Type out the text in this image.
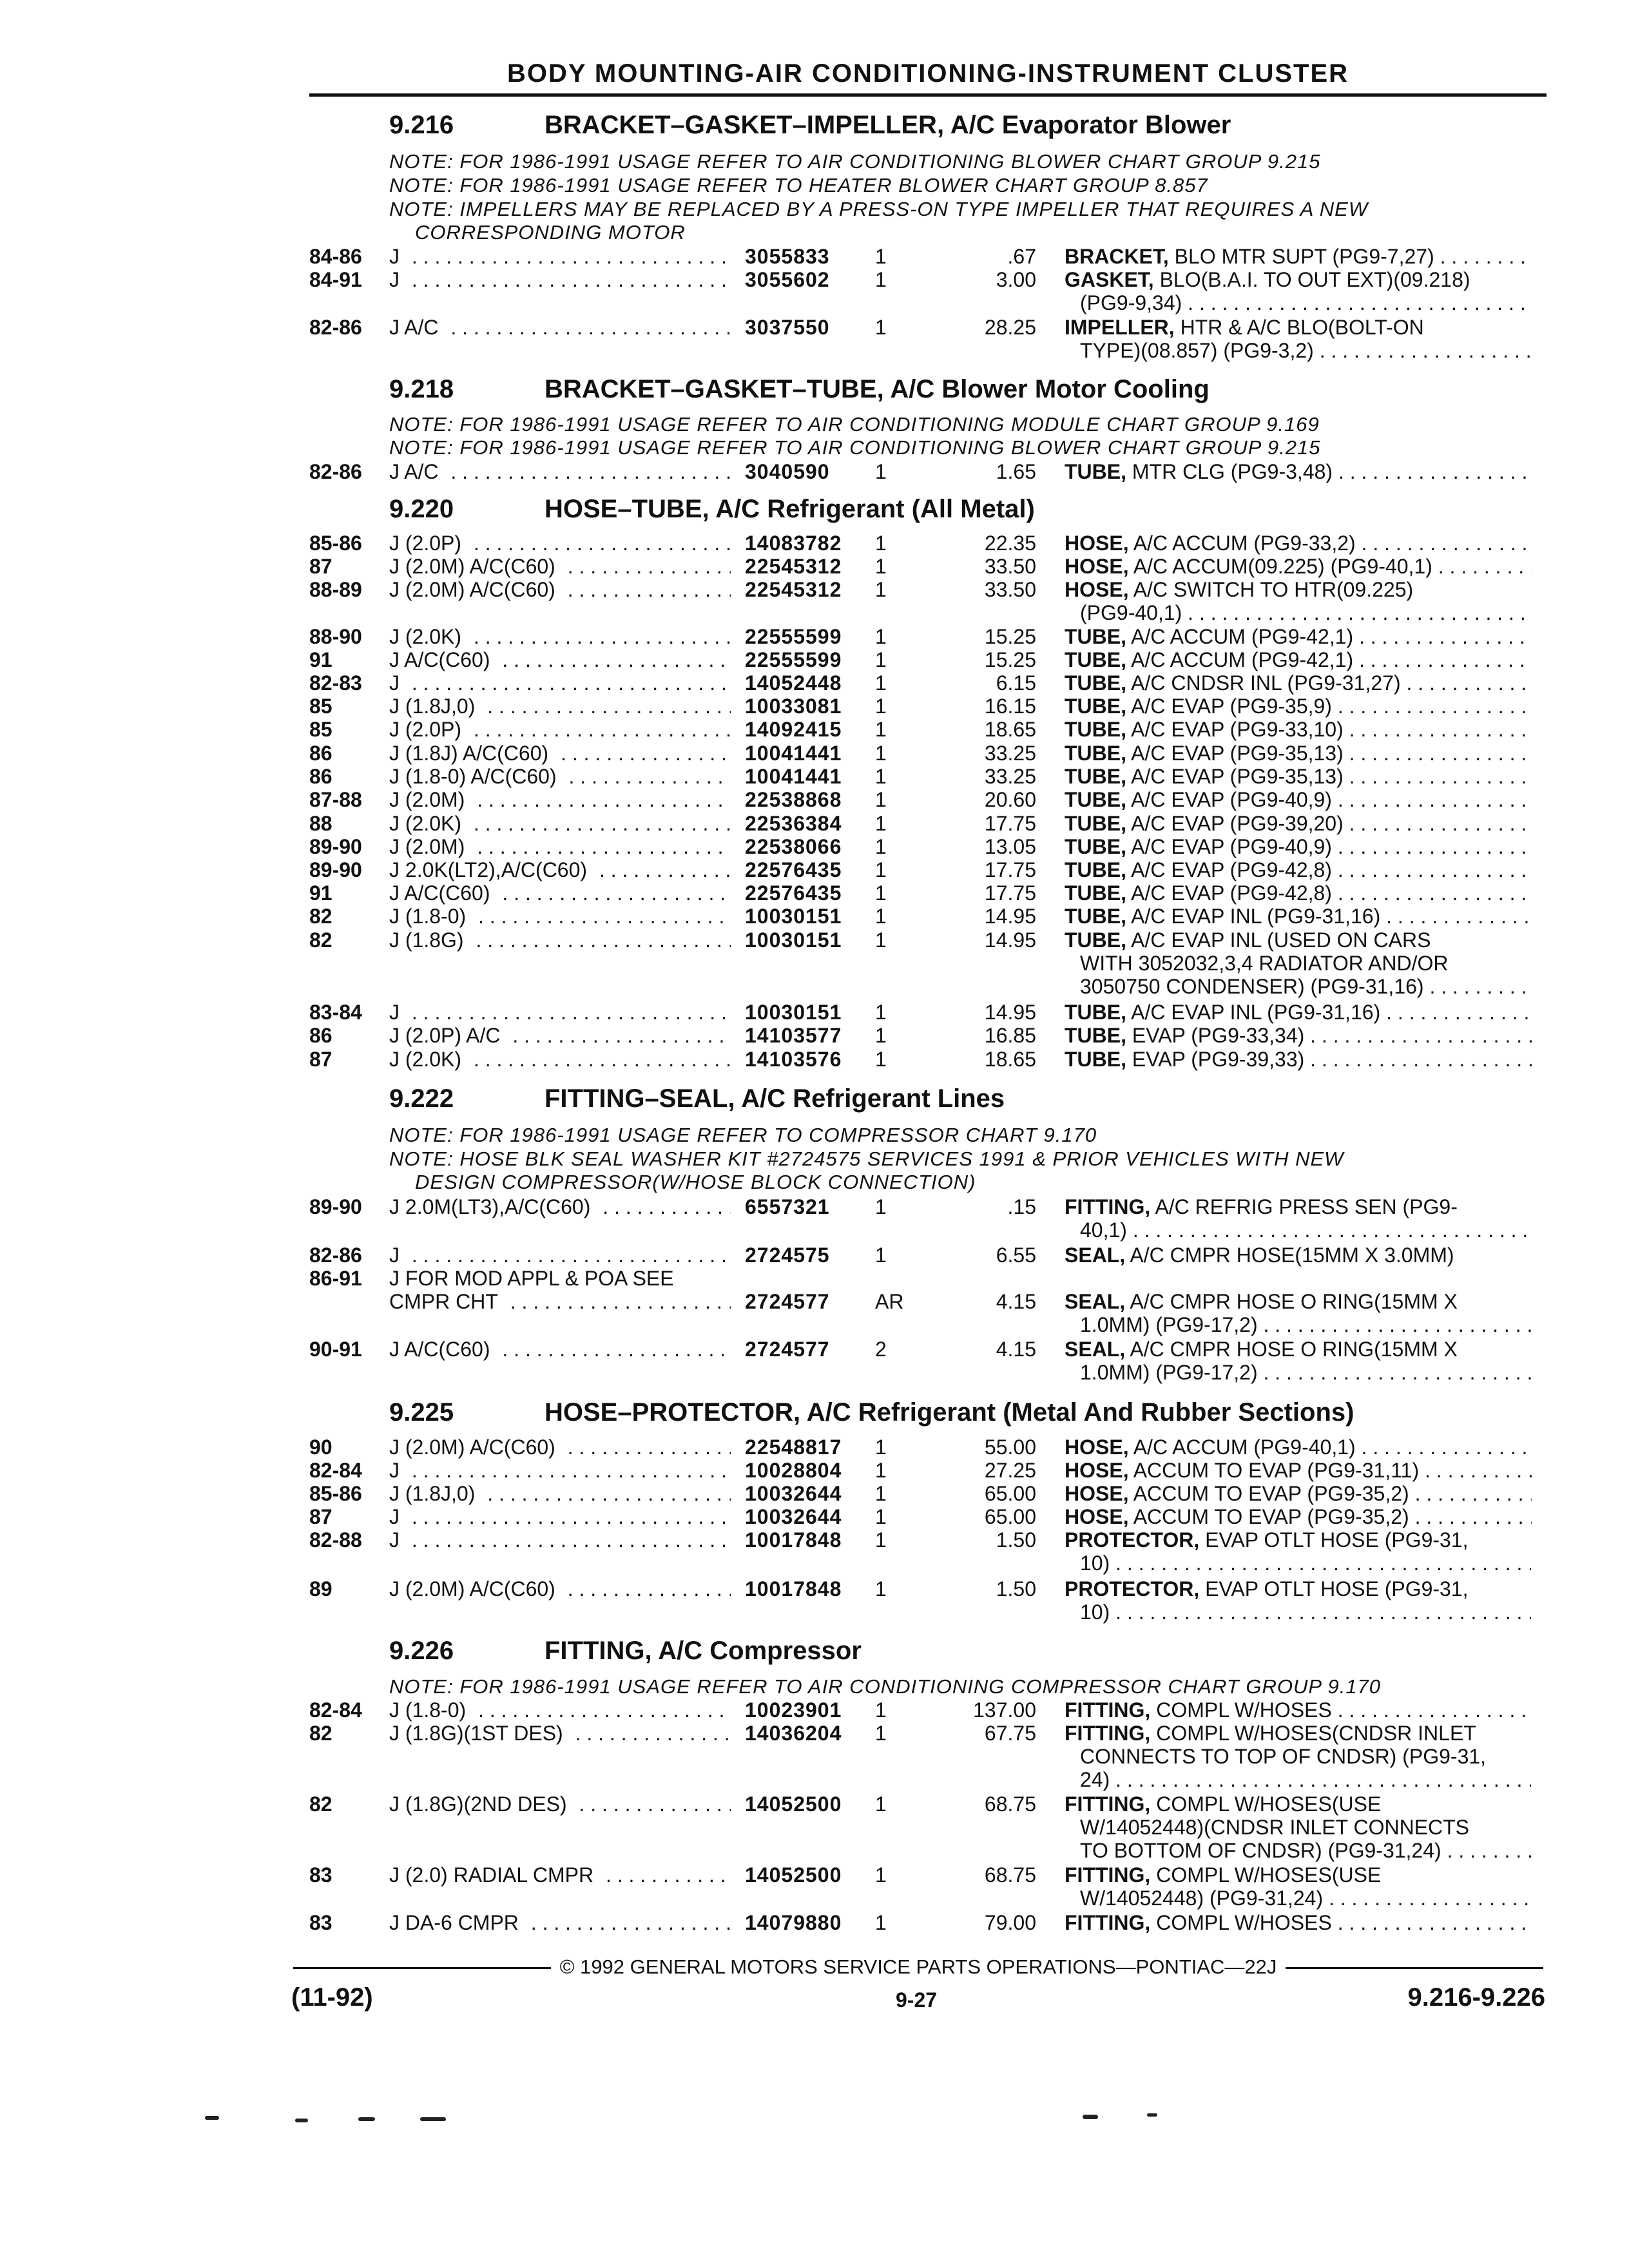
BODY MOUNTING-AIR CONDITIONING-INSTRUMENT CLUSTER
9.216	BRACKET–GASKET–IMPELLER, A/C Evaporator Blower
NOTE: FOR 1986-1991 USAGE REFER TO AIR CONDITIONING BLOWER CHART GROUP 9.215
NOTE: FOR 1986-1991 USAGE REFER TO HEATER BLOWER CHART GROUP 8.857
NOTE: IMPELLERS MAY BE REPLACED BY A PRESS-ON TYPE IMPELLER THAT REQUIRES A NEW
CORRESPONDING MOTOR
84-86 J . . .	3055833 1	.67 BRACKET, BLO MTR SUPT (PG9-7,27) . . .
84-91 J . . .	3055602 1	3.00 GASKET, BLO(B.A.I. TO OUT EXT)(09.218)
(PG9-9,34) . . .
82-86 J A/C . . .	3037550 1	28.25 IMPELLER, HTR & A/C BLO(BOLT-ON
TYPE)(08.857) (PG9-3,2) . . .
9.218	BRACKET–GASKET–TUBE, A/C Blower Motor Cooling
NOTE: FOR 1986-1991 USAGE REFER TO AIR CONDITIONING MODULE CHART GROUP 9.169
NOTE: FOR 1986-1991 USAGE REFER TO AIR CONDITIONING BLOWER CHART GROUP 9.215
82-86 J A/C . . .	3040590 1	1.65 TUBE, MTR CLG (PG9-3,48) . . .
9.220	HOSE–TUBE, A/C Refrigerant (All Metal)
85-86 J (2.0P) . . .	14083782 1	22.35 HOSE, A/C ACCUM (PG9-33,2) . . .
87	J (2.0M) A/C(C60) . . .	22545312 1	33.50 HOSE, A/C ACCUM(09.225) (PG9-40,1) . . .
88-89 J (2.0M) A/C(C60) . . .	22545312 1	33.50 HOSE, A/C SWITCH TO HTR(09.225)
(PG9-40,1) . . .
88-90 J (2.0K) . . .	22555599 1	15.25 TUBE, A/C ACCUM (PG9-42,1) . . .
91	J A/C(C60) . . .	22555599 1	15.25 TUBE, A/C ACCUM (PG9-42,1) . . .
82-83 J . . .	14052448 1	6.15 TUBE, A/C CNDSR INL (PG9-31,27) . . .
85	J (1.8J,0) . . .	10033081 1	16.15 TUBE, A/C EVAP (PG9-35,9) . . .
85	J (2.0P) . . .	14092415 1	18.65 TUBE, A/C EVAP (PG9-33,10) . . .
86	J (1.8J) A/C(C60) . . .	10041441 1	33.25 TUBE, A/C EVAP (PG9-35,13) . . .
86	J (1.8-0) A/C(C60) . . .	10041441 1	33.25 TUBE, A/C EVAP (PG9-35,13) . . .
87-88 J (2.0M) . . .	22538868 1	20.60 TUBE, A/C EVAP (PG9-40,9) . . .
88	J (2.0K) . . .	22536384 1	17.75 TUBE, A/C EVAP (PG9-39,20) . . .
89-90 J (2.0M) . . .	22538066 1	13.05 TUBE, A/C EVAP (PG9-40,9) . . .
89-90 J 2.0K(LT2),A/C(C60) . . .	22576435 1	17.75 TUBE, A/C EVAP (PG9-42,8) . . .
91	J A/C(C60) . . .	22576435 1	17.75 TUBE, A/C EVAP (PG9-42,8) . . .
82	J (1.8-0) . . .	10030151 1	14.95 TUBE, A/C EVAP INL (PG9-31,16) . . .
82	J (1.8G) . . .	10030151 1	14.95 TUBE, A/C EVAP INL (USED ON CARS
WITH 3052032,3,4 RADIATOR AND/OR
3050750 CONDENSER) (PG9-31,16) . . .
83-84 J . . .	10030151 1	14.95 TUBE, A/C EVAP INL (PG9-31,16) . . .
86	J (2.0P) A/C . . .	14103577 1	16.85 TUBE, EVAP (PG9-33,34) . . .
87	J (2.0K) . . .	14103576 1	18.65 TUBE, EVAP (PG9-39,33) . . .
9.222	FITTING–SEAL, A/C Refrigerant Lines
NOTE: FOR 1986-1991 USAGE REFER TO COMPRESSOR CHART 9.170
NOTE: HOSE BLK SEAL WASHER KIT #2724575 SERVICES 1991 & PRIOR VEHICLES WITH NEW
DESIGN COMPRESSOR(W/HOSE BLOCK CONNECTION)
89-90 J 2.0M(LT3),A/C(C60) . . .	6557321 1	.15 FITTING, A/C REFRIG PRESS SEN (PG9-
40,1) . . .
82-86 J . . .	2724575 1	6.55 SEAL, A/C CMPR HOSE(15MM X 3.0MM)
86-91 J FOR MOD APPL & POA SEE
CMPR CHT . . .	2724577 AR	4.15 SEAL, A/C CMPR HOSE O RING(15MM X
1.0MM) (PG9-17,2) . . .
90-91 J A/C(C60) . . .	2724577 2	4.15 SEAL, A/C CMPR HOSE O RING(15MM X
1.0MM) (PG9-17,2) . . .
9.225	HOSE–PROTECTOR, A/C Refrigerant (Metal And Rubber Sections)
90	J (2.0M) A/C(C60) . . .	22548817 1	55.00 HOSE, A/C ACCUM (PG9-40,1) . . .
82-84 J . . .	10028804 1	27.25 HOSE, ACCUM TO EVAP (PG9-31,11) . . .
85-86 J (1.8J,0) . . .	10032644 1	65.00 HOSE, ACCUM TO EVAP (PG9-35,2) . . .
87	J . . .	10032644 1	65.00 HOSE, ACCUM TO EVAP (PG9-35,2) . . .
82-88 J . . .	10017848 1	1.50 PROTECTOR, EVAP OTLT HOSE (PG9-31,
10) . . .
89	J (2.0M) A/C(C60) . . .	10017848 1	1.50 PROTECTOR, EVAP OTLT HOSE (PG9-31,
10) . . .
9.226	FITTING, A/C Compressor
NOTE: FOR 1986-1991 USAGE REFER TO AIR CONDITIONING COMPRESSOR CHART GROUP 9.170
82-84 J (1.8-0) . . .	10023901 1	137.00 FITTING, COMPL W/HOSES . . .
82	J (1.8G)(1ST DES) . . .	14036204 1	67.75 FITTING, COMPL W/HOSES(CNDSR INLET
CONNECTS TO TOP OF CNDSR) (PG9-31,
24) . . .
82	J (1.8G)(2ND DES) . . .	14052500 1	68.75 FITTING, COMPL W/HOSES(USE
W/14052448)(CNDSR INLET CONNECTS
TO BOTTOM OF CNDSR) (PG9-31,24) . . .
83	J (2.0) RADIAL CMPR . . .	14052500 1	68.75 FITTING, COMPL W/HOSES(USE
W/14052448) (PG9-31,24) . . .
83	J DA-6 CMPR . . .	14079880 1	79.00 FITTING, COMPL W/HOSES . . .
© 1992 GENERAL MOTORS SERVICE PARTS OPERATIONS—PONTIAC—22J
(11-92)	9-27	9.216-9.226
